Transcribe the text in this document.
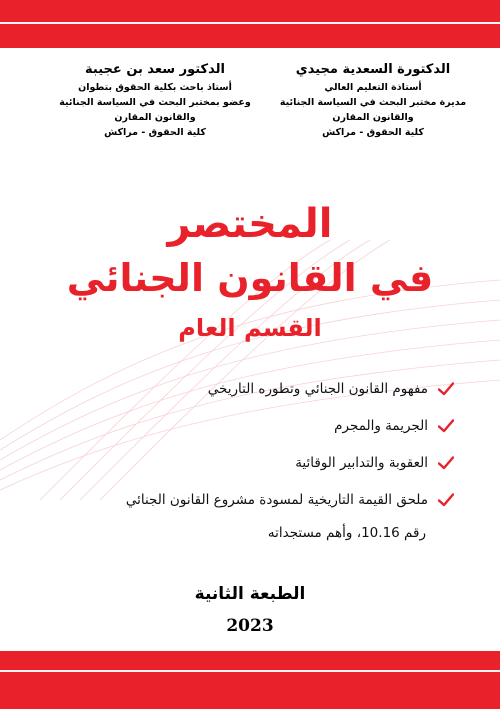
الدكتورة السعدية مجيدي
أستاذة التعليم العالي
مديرة مختبر البحث في السياسة الجنائية
والقانون المقارن
كلية الحقوق - مراكش
الدكتور سعد بن عجيبة
أستاذ باحث بكلية الحقوق بتطوان
وعضو بمختبر البحث في السياسة الجنائية
والقانون المقارن
كلية الحقوق - مراكش
المختصر
في القانون الجنائي
القسم العام
مفهوم القانون الجنائي وتطوره التاريخي
الجريمة والمجرم
العقوبة والتدابير الوقائية
ملحق القيمة التاريخية لمسودة مشروع القانون الجنائي
رقم 10.16، وأهم مستجداته
الطبعة الثانية
2023
